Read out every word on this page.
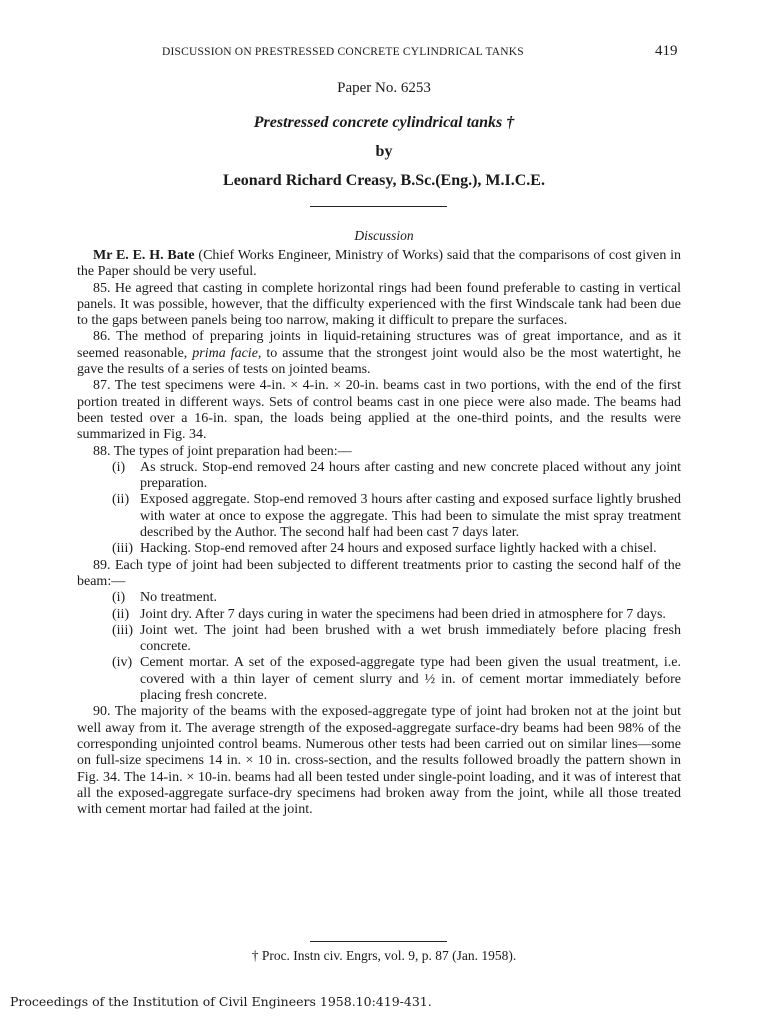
DISCUSSION ON PRESTRESSED CONCRETE CYLINDRICAL TANKS	419
Paper No. 6253
Prestressed concrete cylindrical tanks †
by
Leonard Richard Creasy, B.Sc.(Eng.), M.I.C.E.
Discussion

Mr E. E. H. Bate (Chief Works Engineer, Ministry of Works) said that the comparisons of cost given in the Paper should be very useful.

85. He agreed that casting in complete horizontal rings had been found preferable to casting in vertical panels. It was possible, however, that the difficulty experienced with the first Windscale tank had been due to the gaps between panels being too narrow, making it difficult to prepare the surfaces.

86. The method of preparing joints in liquid-retaining structures was of great importance, and as it seemed reasonable, prima facie, to assume that the strongest joint would also be the most watertight, he gave the results of a series of tests on jointed beams.

87. The test specimens were 4-in. × 4-in. × 20-in. beams cast in two portions, with the end of the first portion treated in different ways. Sets of control beams cast in one piece were also made. The beams had been tested over a 16-in. span, the loads being applied at the one-third points, and the results were summarized in Fig. 34.

88. The types of joint preparation had been:—

(i) As struck. Stop-end removed 24 hours after casting and new concrete placed without any joint preparation.
(ii) Exposed aggregate. Stop-end removed 3 hours after casting and exposed surface lightly brushed with water at once to expose the aggregate. This had been to simulate the mist spray treatment described by the Author. The second half had been cast 7 days later.
(iii) Hacking. Stop-end removed after 24 hours and exposed surface lightly hacked with a chisel.

89. Each type of joint had been subjected to different treatments prior to casting the second half of the beam:—

(i) No treatment.
(ii) Joint dry. After 7 days curing in water the specimens had been dried in atmosphere for 7 days.
(iii) Joint wet. The joint had been brushed with a wet brush immediately before placing fresh concrete.
(iv) Cement mortar. A set of the exposed-aggregate type had been given the usual treatment, i.e. covered with a thin layer of cement slurry and ½ in. of cement mortar immediately before placing fresh concrete.

90. The majority of the beams with the exposed-aggregate type of joint had broken not at the joint but well away from it. The average strength of the exposed-aggregate surface-dry beams had been 98% of the corresponding unjointed control beams. Numerous other tests had been carried out on similar lines—some on full-size specimens 14 in. × 10 in. cross-section, and the results followed broadly the pattern shown in Fig. 34. The 14-in. × 10-in. beams had all been tested under single-point loading, and it was of interest that all the exposed-aggregate surface-dry specimens had broken away from the joint, while all those treated with cement mortar had failed at the joint.

† Proc. Instn civ. Engrs, vol. 9, p. 87 (Jan. 1958).
Proceedings of the Institution of Civil Engineers 1958.10:419-431.
